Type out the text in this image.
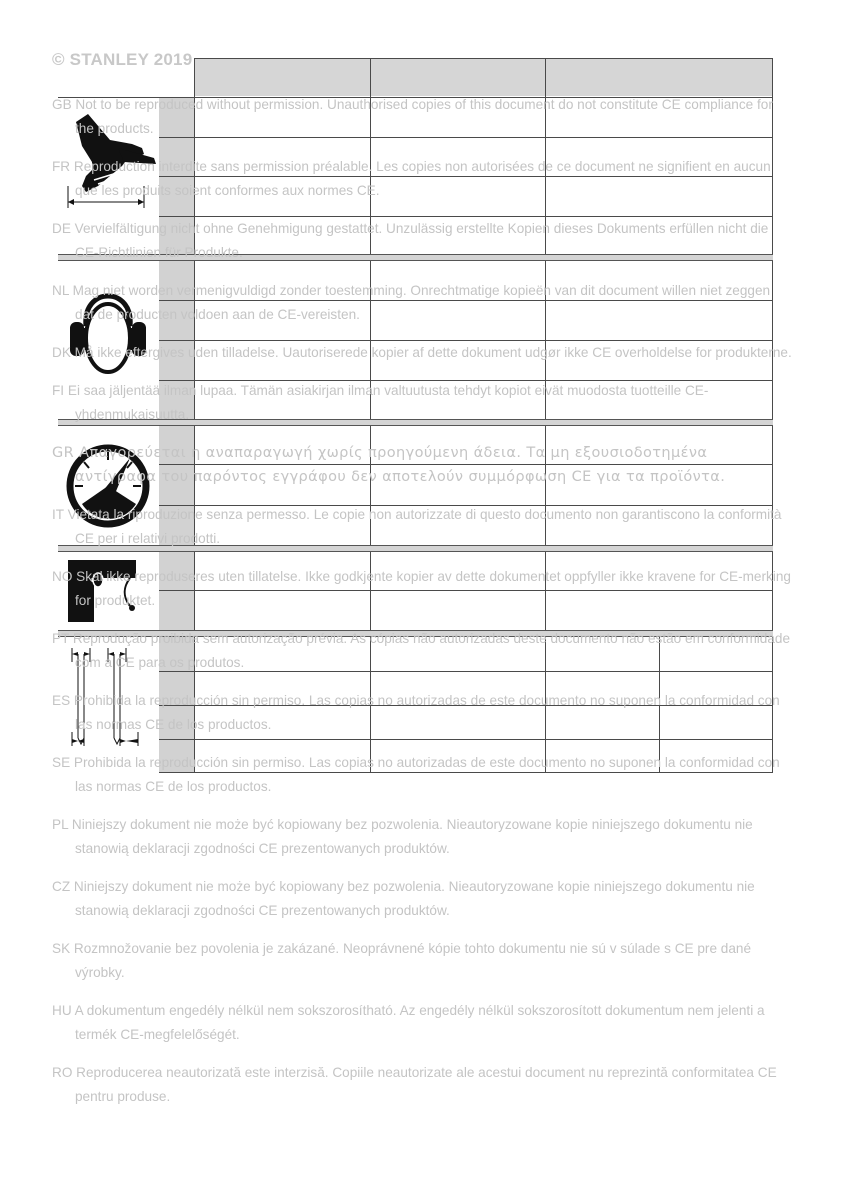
© STANLEY 2019
GB Not to be reproduced without permission. Unauthorised copies of this document do not constitute CE compliance for the products.
FR Reproduction interdite sans permission préalable. Les copies non autorisées de ce document ne signifient en aucun que les produits soient conformes aux normes CE.
DE Vervielfältigung nicht ohne Genehmigung gestattet. Unzulässig erstellte Kopien dieses Dokuments erfüllen nicht die CE-Richtlinien für Produkte.
NL Mag niet worden vermenigvuldigd zonder toestemming. Onrechtmatige kopieën van dit document willen niet zeggen dat de producten voldoen aan de CE-vereisten.
DK Må ikke eftergives uden tilladelse. Uautoriserede kopier af dette dokument udgør ikke CE overholdelse for produkterne.
FI Ei saa jäljentää ilman lupaa. Tämän asiakirjan ilman valtuutusta tehdyt kopiot eivät muodosta tuotteille CE-yhdenmukaisuutta.
GR Απαγορεύεται η αναπαραγωγή χωρίς προηγούμενη άδεια. Τα μη εξουσιοδοτημένα αντίγραφα του παρόντος εγγράφου δεν αποτελούν συμμόρφωση CE για τα προϊόντα.
IT Vietata la riproduzione senza permesso. Le copie non autorizzate di questo documento non garantiscono la conformità CE per i relativi prodotti.
NO Skal ikke reproduseres uten tillatelse. Ikke godkjente kopier av dette dokumentet oppfyller ikke kravene for CE-merking for produktet.
PT Reprodução proibida sem autorização prévia. As cópias não autorizadas deste documento não estão em conformidade com a CE para os produtos.
ES Prohibida la reproducción sin permiso. Las copias no autorizadas de este documento no suponen la conformidad con las normas CE de los productos.
SE Prohibida la reproducción sin permiso. Las copias no autorizadas de este documento no suponen la conformidad con las normas CE de los productos.
PL Niniejszy dokument nie może być kopiowany bez pozwolenia. Nieautoryzowane kopie niniejszego dokumentu nie stanowią deklaracji zgodności CE prezentowanych produktów.
CZ Niniejszy dokument nie może być kopiowany bez pozwolenia. Nieautoryzowane kopie niniejszego dokumentu nie stanowią deklaracji zgodności CE prezentowanych produktów.
SK Rozmnožovanie bez povolenia je zakázané. Neoprávnené kópie tohto dokumentu nie sú v súlade s CE pre dané výrobky.
HU A dokumentum engedély nélkül nem sokszorosítható. Az engedély nélkül sokszorosított dokumentum nem jelenti a termék CE-megfelelőségét.
RO Reproducerea neautorizată este interzisă. Copiile neautorizate ale acestui document nu reprezintă conformitatea CE pentru produse.
